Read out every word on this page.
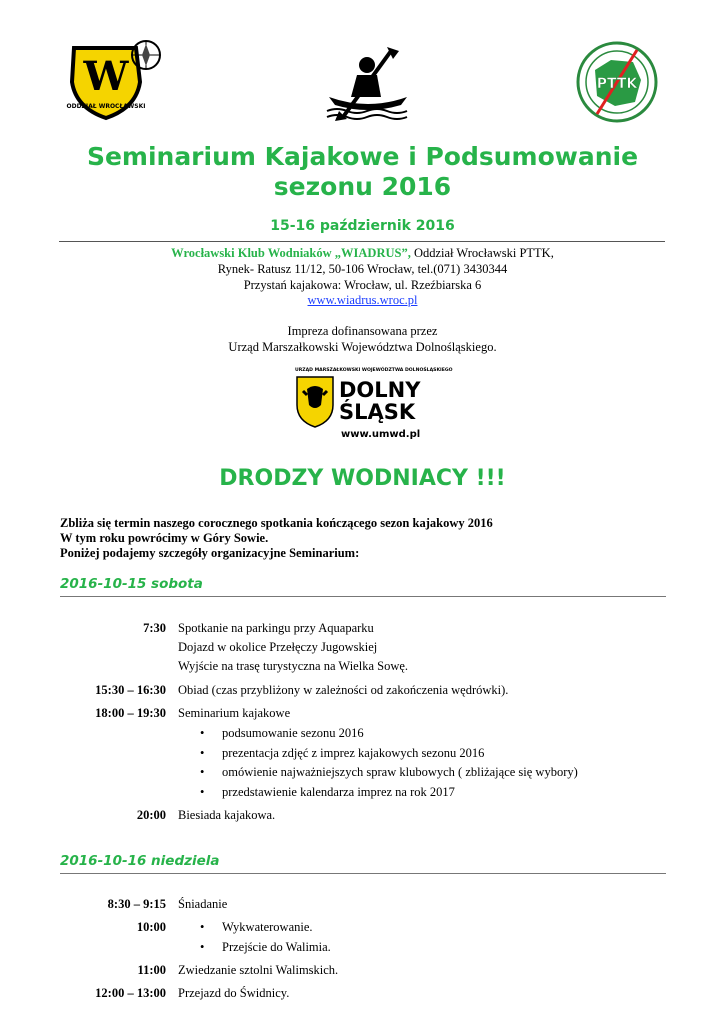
W
ODDZIAŁ WROCŁAWSKI
PTTK
Seminarium Kajakowe i Podsumowanie
sezonu 2016
15-16 październik 2016
Wrocławski Klub Wodniaków „WIADRUS”, Oddział Wrocławski PTTK,
Rynek- Ratusz 11/12, 50-106 Wrocław, tel.(071) 3430344
Przystań kajakowa: Wrocław, ul. Rzeźbiarska 6
www.wiadrus.wroc.pl
Impreza dofinansowana przez
Urząd Marszałkowski Województwa Dolnośląskiego.
URZĄD MARSZAŁKOWSKI WOJEWÓDZTWA DOLNOŚLĄSKIEGO
DOLNY
ŚLĄSK
www.umwd.pl
DRODZY WODNIACY !!!
Zbliża się termin naszego corocznego spotkania kończącego sezon kajakowy 2016
W tym roku powrócimy w Góry Sowie.
Poniżej podajemy szczegóły organizacyjne Seminarium:
2016-10-15 sobota
7:30 Spotkanie na parkingu przy Aquaparku
Dojazd w okolice Przełęczy Jugowskiej
Wyjście na trasę turystyczna na Wielka Sowę.
15:30 – 16:30 Obiad (czas przybliżony w zależności od zakończenia wędrówki).
18:00 – 19:30 Seminarium kajakowe
• podsumowanie sezonu 2016
• prezentacja zdjęć z imprez kajakowych sezonu 2016
• omówienie najważniejszych spraw klubowych ( zbliżające się wybory)
• przedstawienie kalendarza imprez na rok 2017
20:00 Biesiada kajakowa.
2016-10-16 niedziela
8:30 – 9:15 Śniadanie
10:00
•	Wykwaterowanie.
• Przejście do Walimia.
11:00 Zwiedzanie sztolni Walimskich.
12:00 – 13:00 Przejazd do Świdnicy.
